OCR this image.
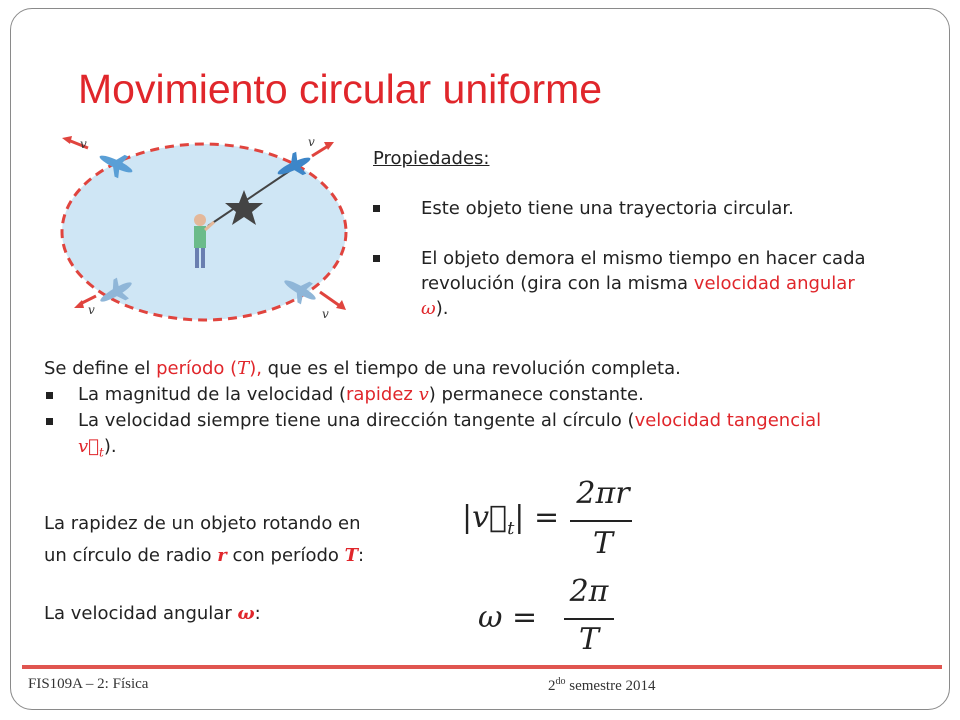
Movimiento circular uniforme
v	v
v	v
Propiedades:
Este objeto tiene una trayectoria circular.
El objeto demora el mismo tiempo en hacer cada revolución (gira con la misma velocidad angular
ω).
Se define el período (T), que es el tiempo de una revolución completa.
La magnitud de la velocidad (rapidez v) permanece constante.
La velocidad siempre tiene una dirección tangente al círculo (velocidad tangencial
$v⃗_t$).
La rapidez de un objeto rotando en
un círculo de radio r con período T:
La velocidad angular ω:
$|v⃗_t|$ =
2πr
T
ω =
2π
T
FIS109A – 2: Física	$2^{do}$ semestre 2014
